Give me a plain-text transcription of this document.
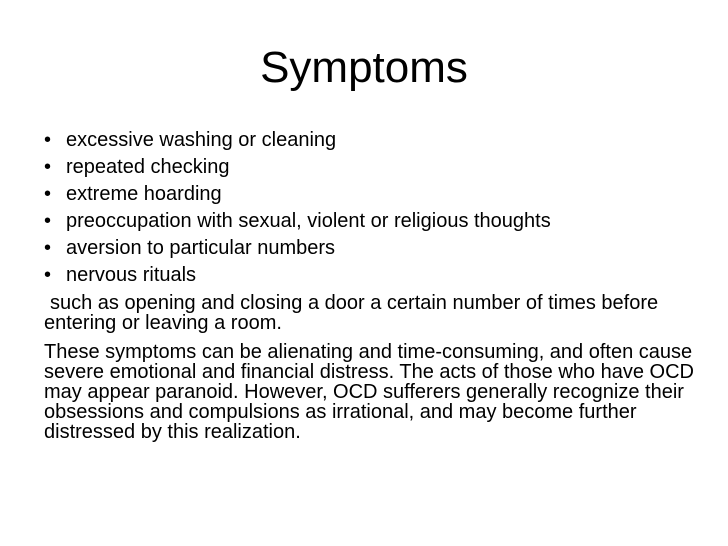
Symptoms
• excessive washing or cleaning
• repeated checking
• extreme hoarding
• preoccupation with sexual, violent or religious thoughts
• aversion to particular numbers
• nervous rituals

such as opening and closing a door a certain number of times before entering or leaving a room.

These symptoms can be alienating and time-consuming, and often cause severe emotional and financial distress. The acts of those who have OCD may appear paranoid. However, OCD sufferers generally recognize their obsessions and compulsions as irrational, and may become further distressed by this realization.
